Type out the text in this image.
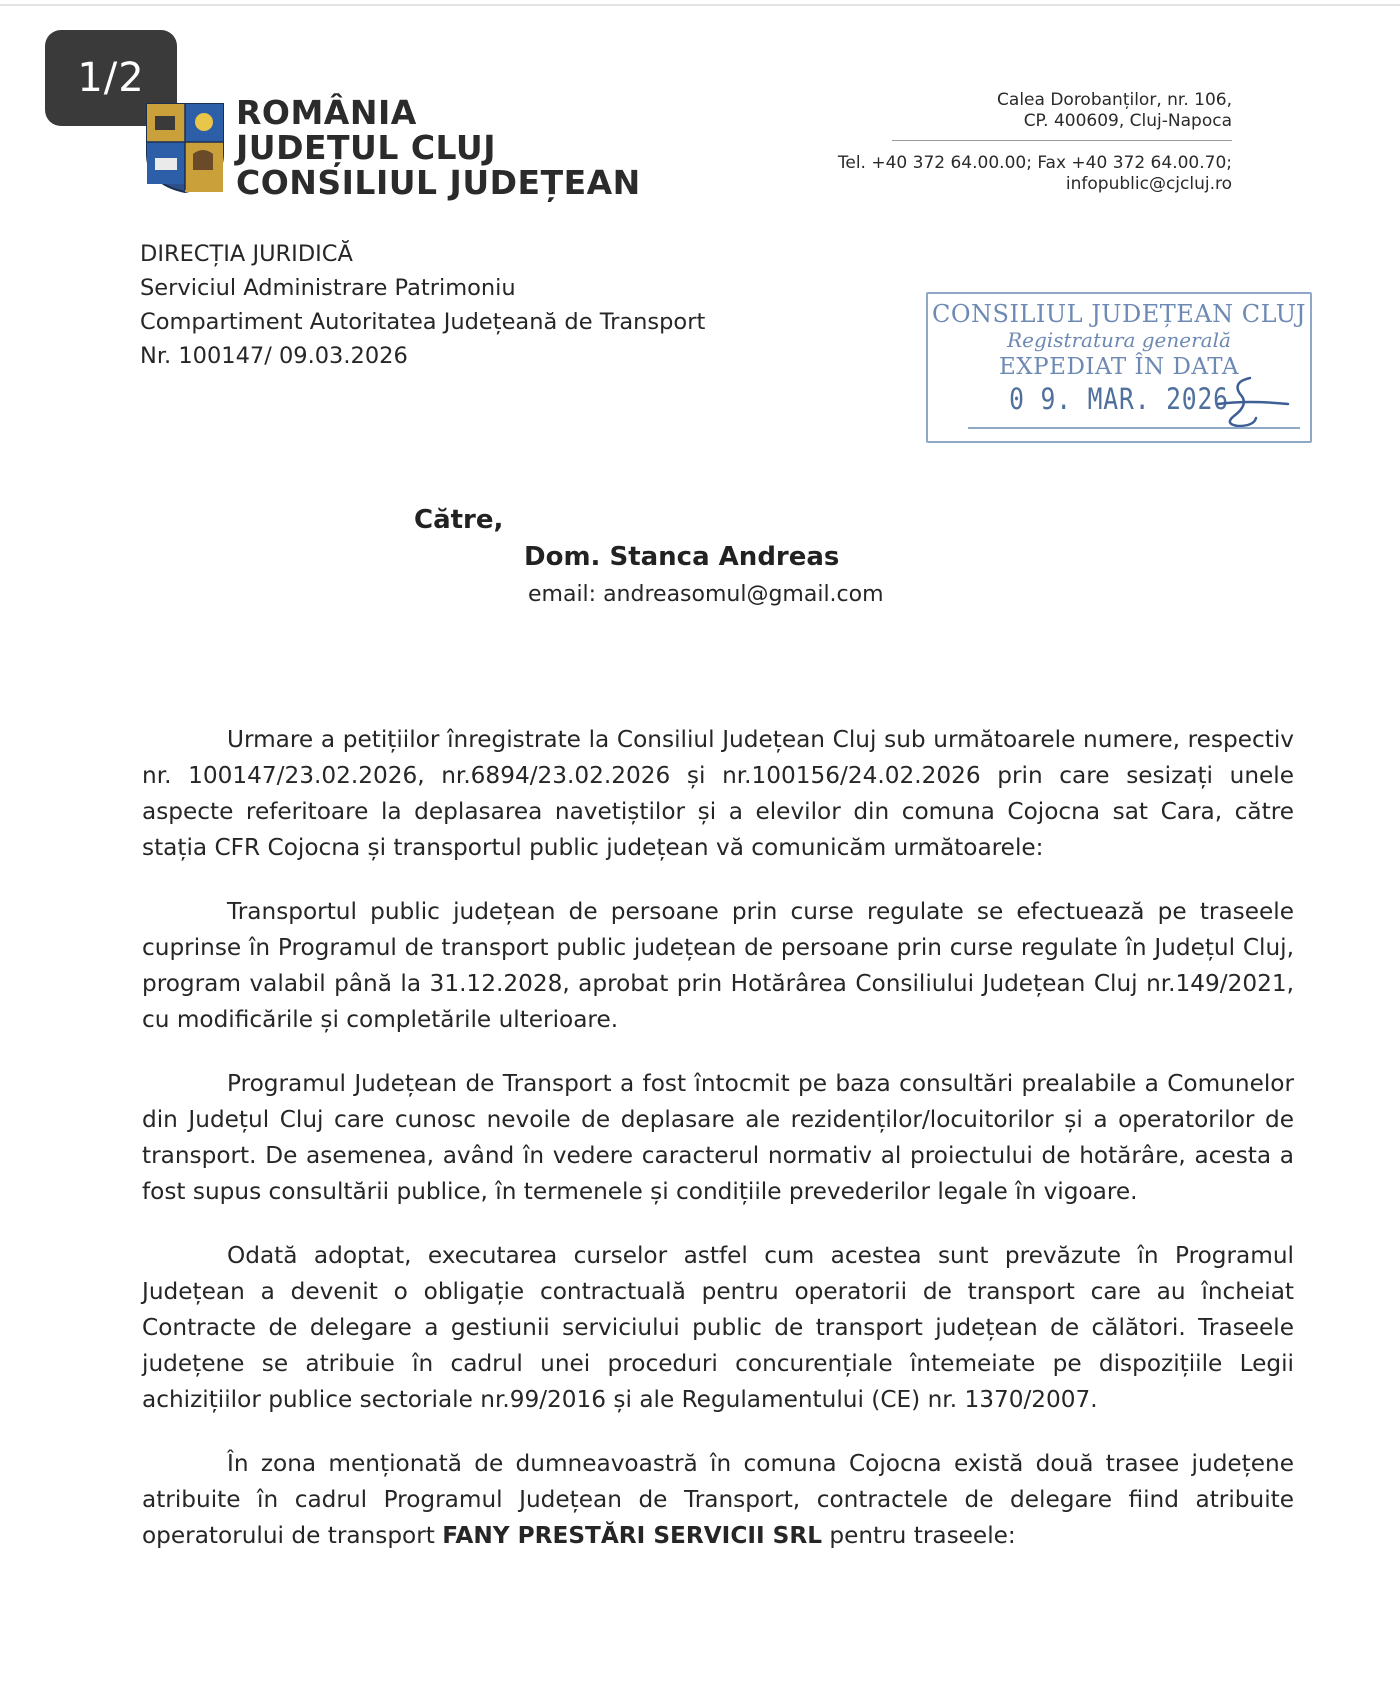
1/2
ROMÂNIA
JUDEȚUL CLUJ
CONSILIUL JUDEȚEAN
Calea Dorobanților, nr. 106,
CP. 400609, Cluj-Napoca
Tel. +40 372 64.00.00; Fax +40 372 64.00.70;
infopublic@cjcluj.ro
DIRECȚIA JURIDICĂ
Serviciul Administrare Patrimoniu
Compartiment Autoritatea Județeană de Transport
Nr. 100147/ 09.03.2026
CONSILIUL JUDEȚEAN CLUJ
Registratura generală
EXPEDIAT ÎN DATA
0 9. MAR. 2026
Către,
Dom. Stanca Andreas
email: andreasomul@gmail.com

Urmare a petițiilor înregistrate la Consiliul Județean Cluj sub următoarele numere, respectiv nr. 100147/23.02.2026, nr.6894/23.02.2026 și nr.100156/24.02.2026 prin care sesizați unele aspecte referitoare la deplasarea navetiștilor și a elevilor din comuna Cojocna sat Cara, către stația CFR Cojocna și transportul public județean vă comunicăm următoarele:

Transportul public județean de persoane prin curse regulate se efectuează pe traseele cuprinse în Programul de transport public județean de persoane prin curse regulate în Județul Cluj, program valabil până la 31.12.2028, aprobat prin Hotărârea Consiliului Județean Cluj nr.149/2021, cu modificările și completările ulterioare.

Programul Județean de Transport a fost întocmit pe baza consultări prealabile a Comunelor din Județul Cluj care cunosc nevoile de deplasare ale rezidenților/locuitorilor și a operatorilor de transport. De asemenea, având în vedere caracterul normativ al proiectului de hotărâre, acesta a fost supus consultării publice, în termenele și condițiile prevederilor legale în vigoare.

Odată adoptat, executarea curselor astfel cum acestea sunt prevăzute în Programul Județean a devenit o obligație contractuală pentru operatorii de transport care au încheiat Contracte de delegare a gestiunii serviciului public de transport județean de călători. Traseele județene se atribuie în cadrul unei proceduri concurențiale întemeiate pe dispozițiile Legii achizițiilor publice sectoriale nr.99/2016 și ale Regulamentului (CE) nr. 1370/2007.

În zona menționată de dumneavoastră în comuna Cojocna există două trasee județene atribuite în cadrul Programul Județean de Transport, contractele de delegare fiind atribuite operatorului de transport FANY PRESTĂRI SERVICII SRL pentru traseele:
